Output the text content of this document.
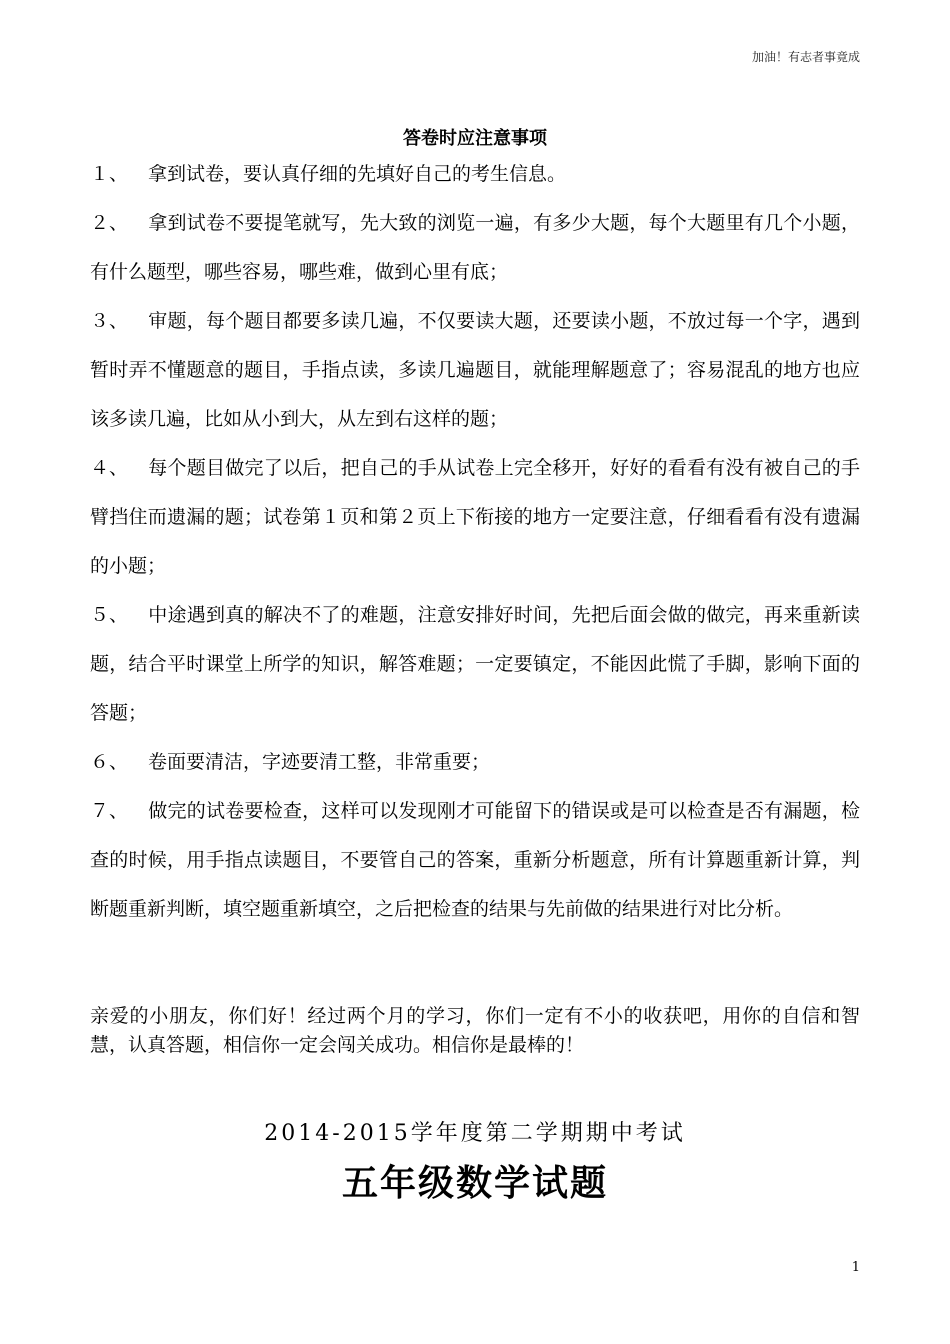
加油！有志者事竟成
答卷时应注意事项

１、 拿到试卷，要认真仔细的先填好自己的考生信息。

２、 拿到试卷不要提笔就写，先大致的浏览一遍，有多少大题，每个大题里有几个小题，有什么题型，哪些容易，哪些难，做到心里有底；

３、 审题，每个题目都要多读几遍，不仅要读大题，还要读小题，不放过每一个字，遇到暂时弄不懂题意的题目，手指点读，多读几遍题目，就能理解题意了；容易混乱的地方也应该多读几遍，比如从小到大，从左到右这样的题；

４、 每个题目做完了以后，把自己的手从试卷上完全移开，好好的看看有没有被自己的手臂挡住而遗漏的题；试卷第１页和第２页上下衔接的地方一定要注意，仔细看看有没有遗漏的小题；

５、 中途遇到真的解决不了的难题，注意安排好时间，先把后面会做的做完，再来重新读题，结合平时课堂上所学的知识，解答难题；一定要镇定，不能因此慌了手脚，影响下面的答题；

６、 卷面要清洁，字迹要清工整，非常重要；

７、 做完的试卷要检查，这样可以发现刚才可能留下的错误或是可以检查是否有漏题，检查的时候，用手指点读题目，不要管自己的答案，重新分析题意，所有计算题重新计算，判断题重新判断，填空题重新填空，之后把检查的结果与先前做的结果进行对比分析。

亲爱的小朋友，你们好！经过两个月的学习，你们一定有不小的收获吧，用你的自信和智慧，认真答题，相信你一定会闯关成功。相信你是最棒的！
2014-2015学年度第二学期期中考试
五年级数学试题
1
